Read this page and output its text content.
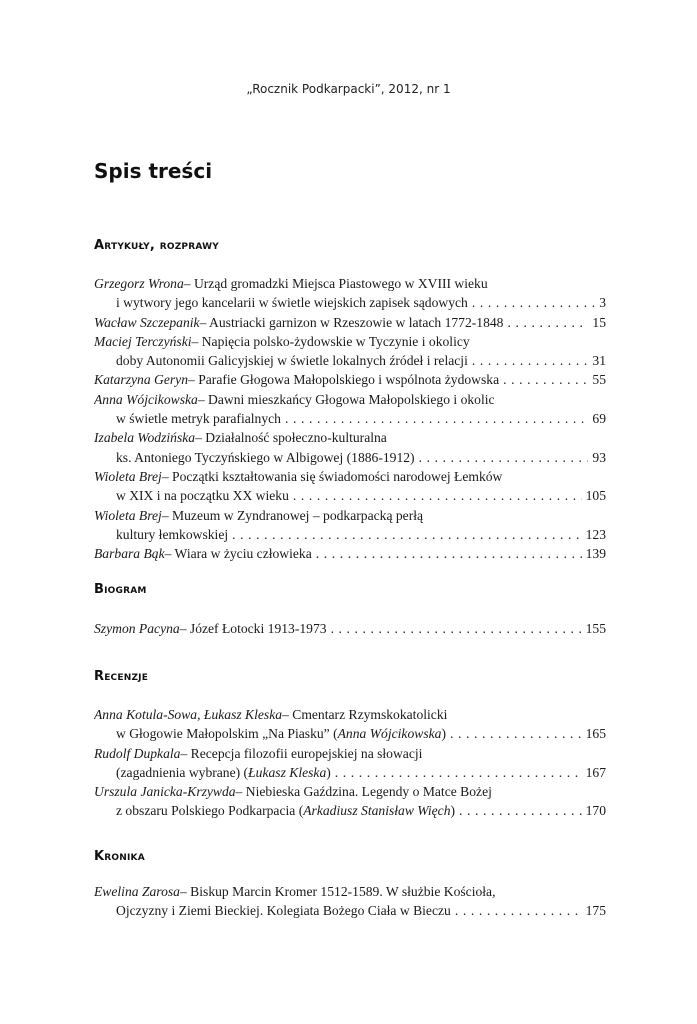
„Rocznik Podkarpacki”, 2012, nr 1
Spis treści
Artykuły, rozprawy
Grzegorz Wrona – Urząd gromadzki Miejsca Piastowego w XVIII wieku
i wytwory jego kancelarii w świetle wiejskich zapisek sądowych . . .	3
Wacław Szczepanik – Austriacki garnizon w Rzeszowie w latach 1772-1848 . . .	15
Maciej Terczyński – Napięcia polsko-żydowskie w Tyczynie i okolicy
doby Autonomii Galicyjskiej w świetle lokalnych źródeł i relacji . . .	31
Katarzyna Geryn – Parafie Głogowa Małopolskiego i wspólnota żydowska . . .	55
Anna Wójcikowska – Dawni mieszkańcy Głogowa Małopolskiego i okolic
w świetle metryk parafialnych . . .	69
Izabela Wodzińska – Działalność społeczno-kulturalna
ks. Antoniego Tyczyńskiego w Albigowej (1886-1912) . . .	93
Wioleta Brej – Początki kształtowania się świadomości narodowej Łemków
w XIX i na początku XX wieku . . .	105
Wioleta Brej – Muzeum w Zyndranowej – podkarpacką perłą
kultury łemkowskiej . . .	123
Barbara Bąk – Wiara w życiu człowieka . . .	139
Biogram
Szymon Pacyna – Józef Łotocki 1913-1973 . . .	155
Recenzje
Anna Kotula-Sowa, Łukasz Kleska – Cmentarz Rzymskokatolicki
w Głogowie Małopolskim „Na Piasku” ( Anna Wójcikowska ) . . .	165
Rudolf Dupkala – Recepcja filozofii europejskiej na słowacji
(zagadnienia wybrane) ( Łukasz Kleska ) . . .	167
Urszula Janicka-Krzywda – Niebieska Gaździna. Legendy o Matce Bożej
z obszaru Polskiego Podkarpacia ( Arkadiusz Stanisław Więch ) . . .	170
Kronika
Ewelina Zarosa – Biskup Marcin Kromer 1512-1589. W służbie Kościoła,
Ojczyzny i Ziemi Bieckiej. Kolegiata Bożego Ciała w Bieczu . . .	175
